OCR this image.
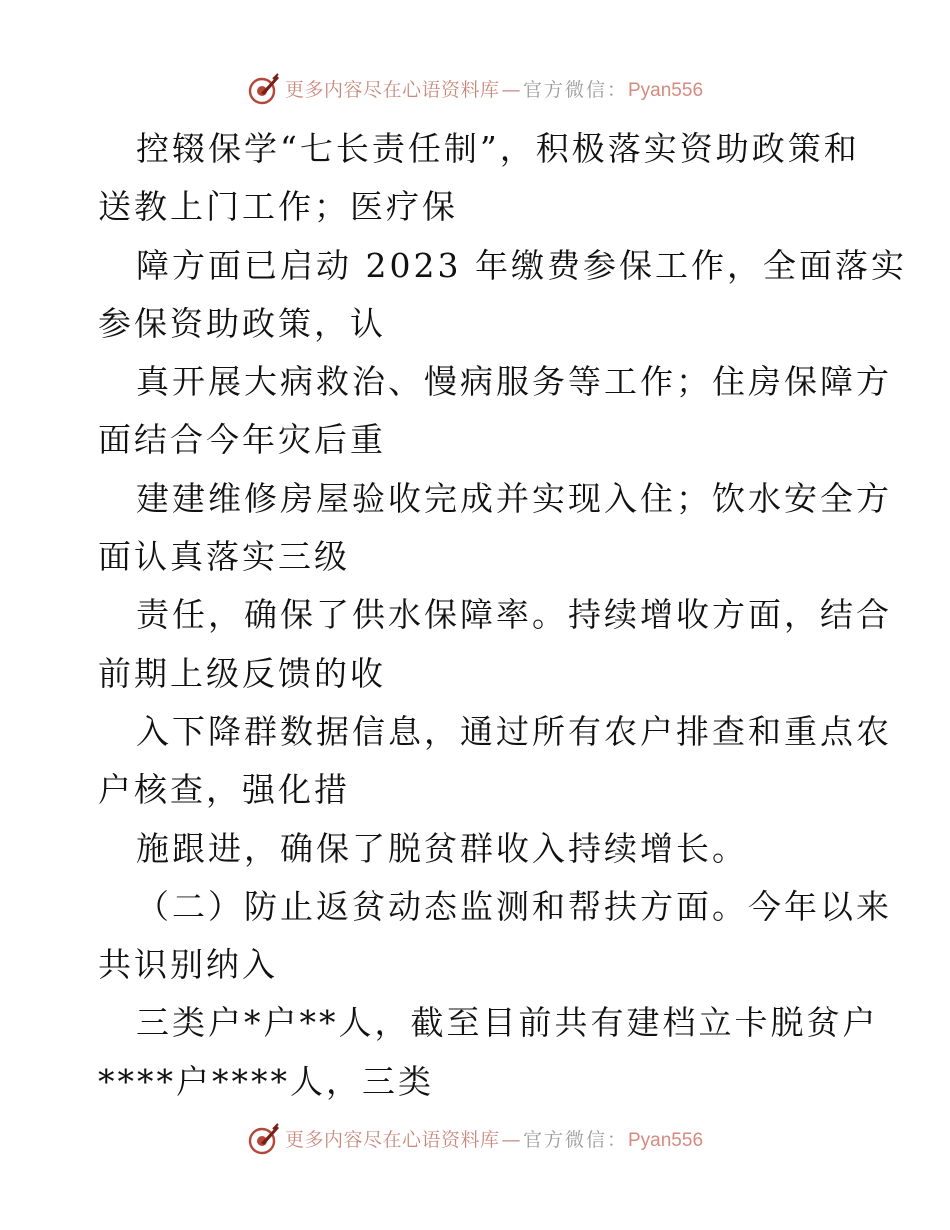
更多内容尽在心语资料库 — 官方微信：Pyan556
控辍保学“七长责任制”，积极落实资助政策和
送教上门工作；医疗保
障方面已启动 2023 年缴费参保工作，全面落实
参保资助政策，认
真开展大病救治、慢病服务等工作；住房保障方
面结合今年灾后重
建建维修房屋验收完成并实现入住；饮水安全方
面认真落实三级
责任，确保了供水保障率。持续增收方面，结合
前期上级反馈的收
入下降群数据信息，通过所有农户排查和重点农
户核查，强化措
施跟进，确保了脱贫群收入持续增长。
（二）防止返贫动态监测和帮扶方面。今年以来
共识别纳入
三类户*户**人，截至目前共有建档立卡脱贫户
****户****人，三类
更多内容尽在心语资料库 — 官方微信：Pyan556
